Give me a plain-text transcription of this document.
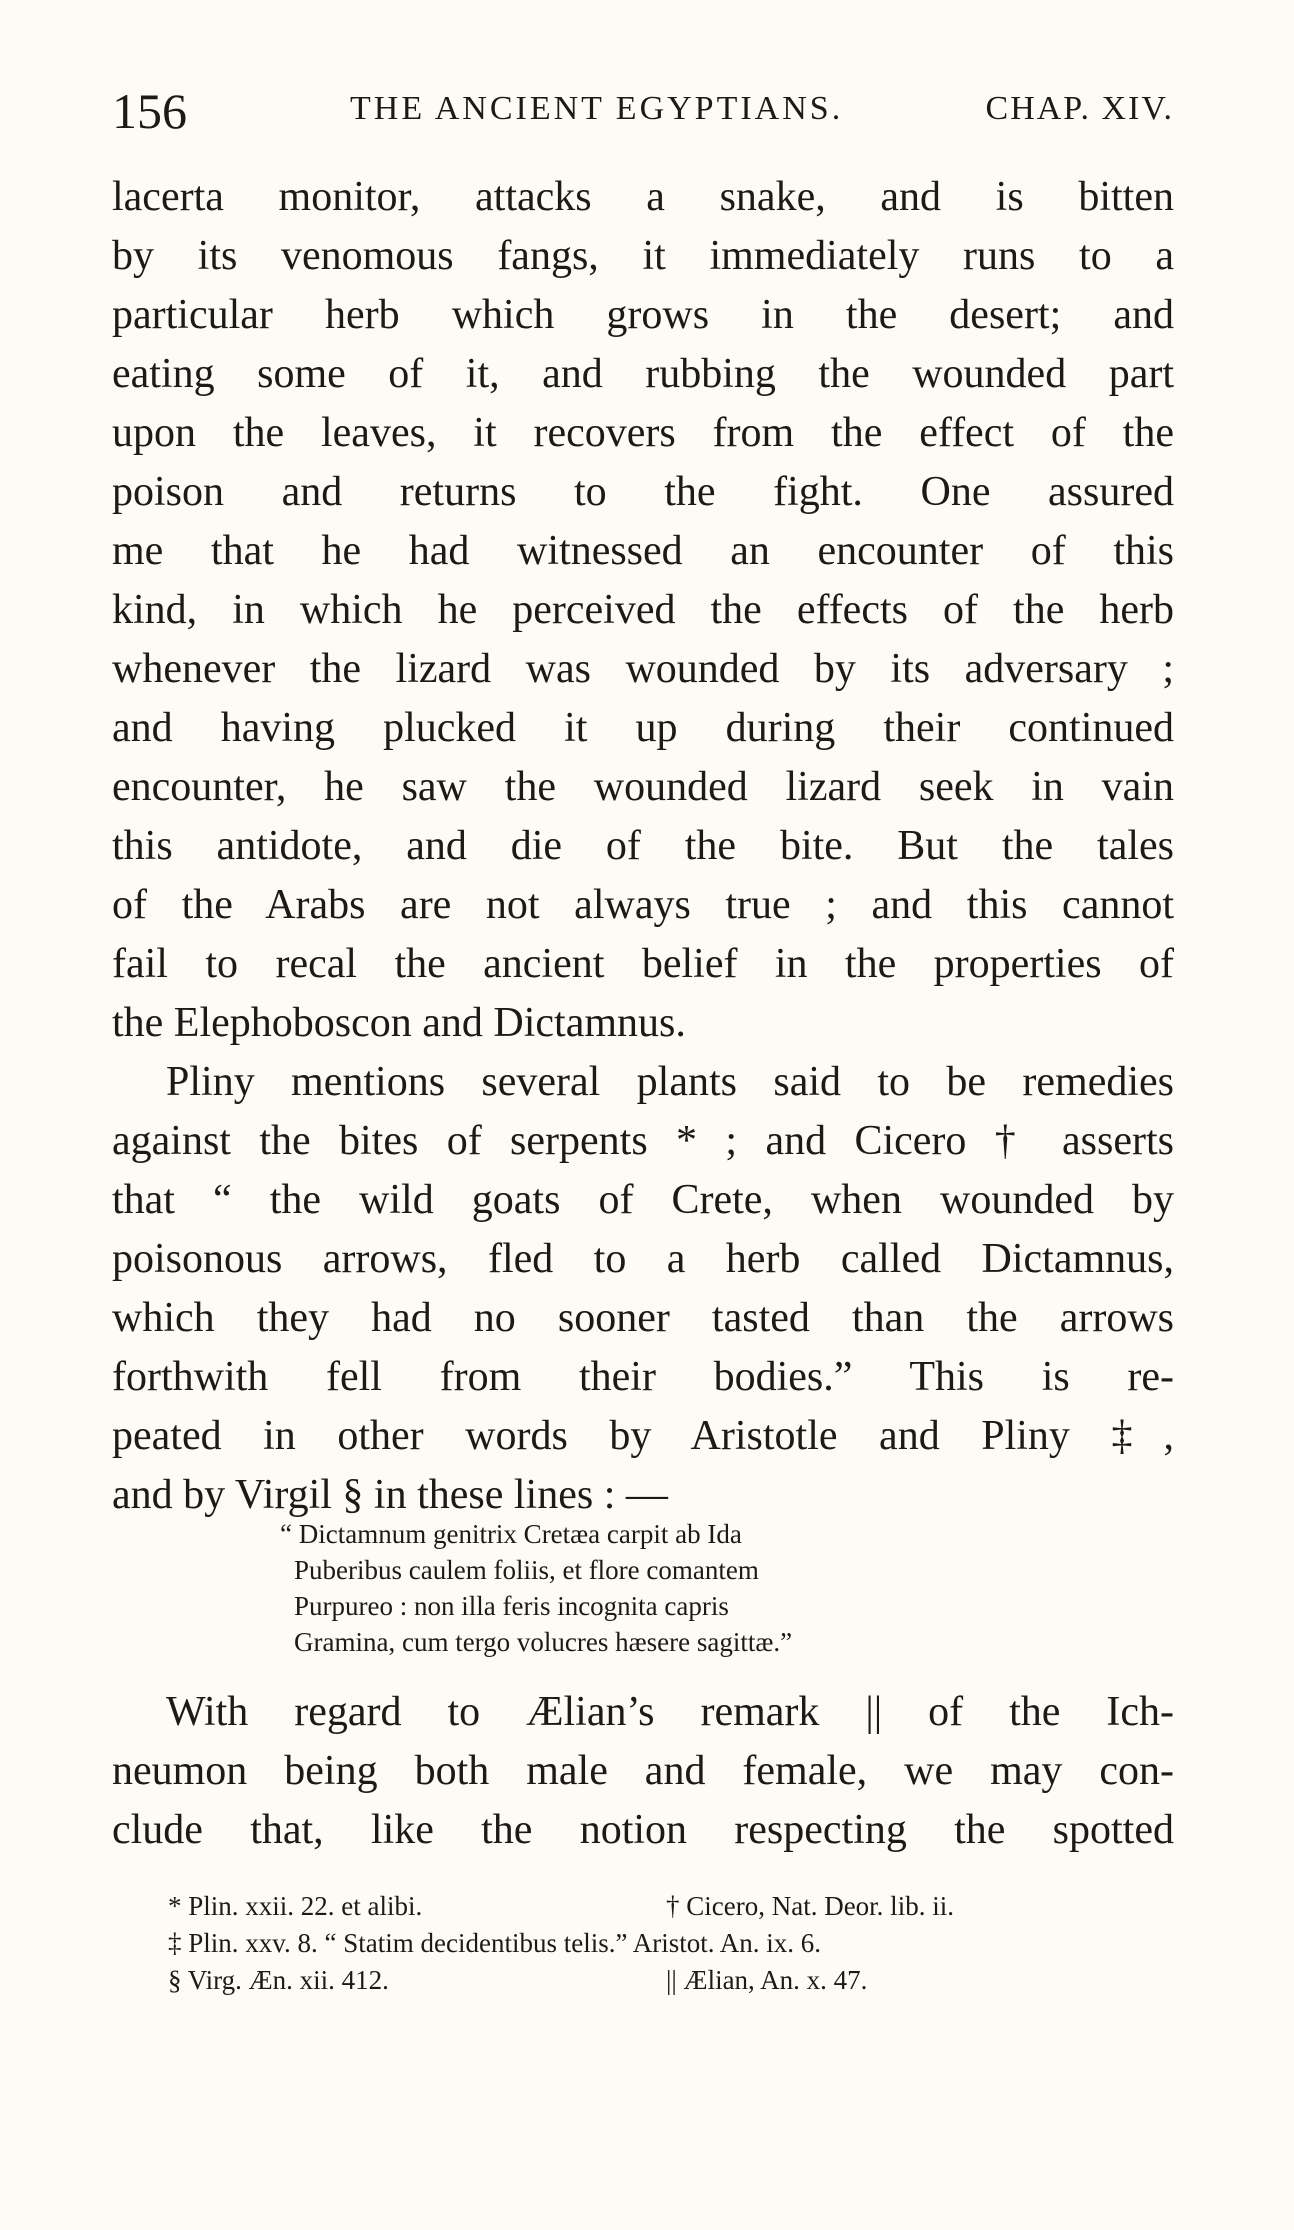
156	THE ANCIENT EGYPTIANS.	CHAP. XIV.
lacerta monitor, attacks a snake, and is bitten
by its venomous fangs, it immediately runs to a
particular herb which grows in the desert; and
eating some of it, and rubbing the wounded part
upon the leaves, it recovers from the effect of the
poison and returns to the fight. One assured
me that he had witnessed an encounter of this
kind, in which he perceived the effects of the herb
whenever the lizard was wounded by its adversary ;
and having plucked it up during their continued
encounter, he saw the wounded lizard seek in vain
this antidote, and die of the bite. But the tales
of the Arabs are not always true ; and this cannot
fail to recal the ancient belief in the properties of
the Elephoboscon and Dictamnus.
Pliny mentions several plants said to be remedies
against the bites of serpents * ; and Cicero † asserts
that “ the wild goats of Crete, when wounded by
poisonous arrows, fled to a herb called Dictamnus,
which they had no sooner tasted than the arrows
forthwith fell from their bodies.” This is re-
peated in other words by Aristotle and Pliny ‡,
and by Virgil § in these lines : —
“ Dictamnum genitrix Cretæa carpit ab Ida
Puberibus caulem foliis, et flore comantem
Purpureo : non illa feris incognita capris
Gramina, cum tergo volucres hæsere sagittæ.”
With regard to Ælian’s remark || of the Ich-
neumon being both male and female, we may con-
clude that, like the notion respecting the spotted
* Plin. xxii. 22. et alibi.	† Cicero, Nat. Deor. lib. ii.
‡ Plin. xxv. 8. “ Statim decidentibus telis.” Aristot. An. ix. 6.
§ Virg. Æn. xii. 412.	|| Ælian, An. x. 47.
